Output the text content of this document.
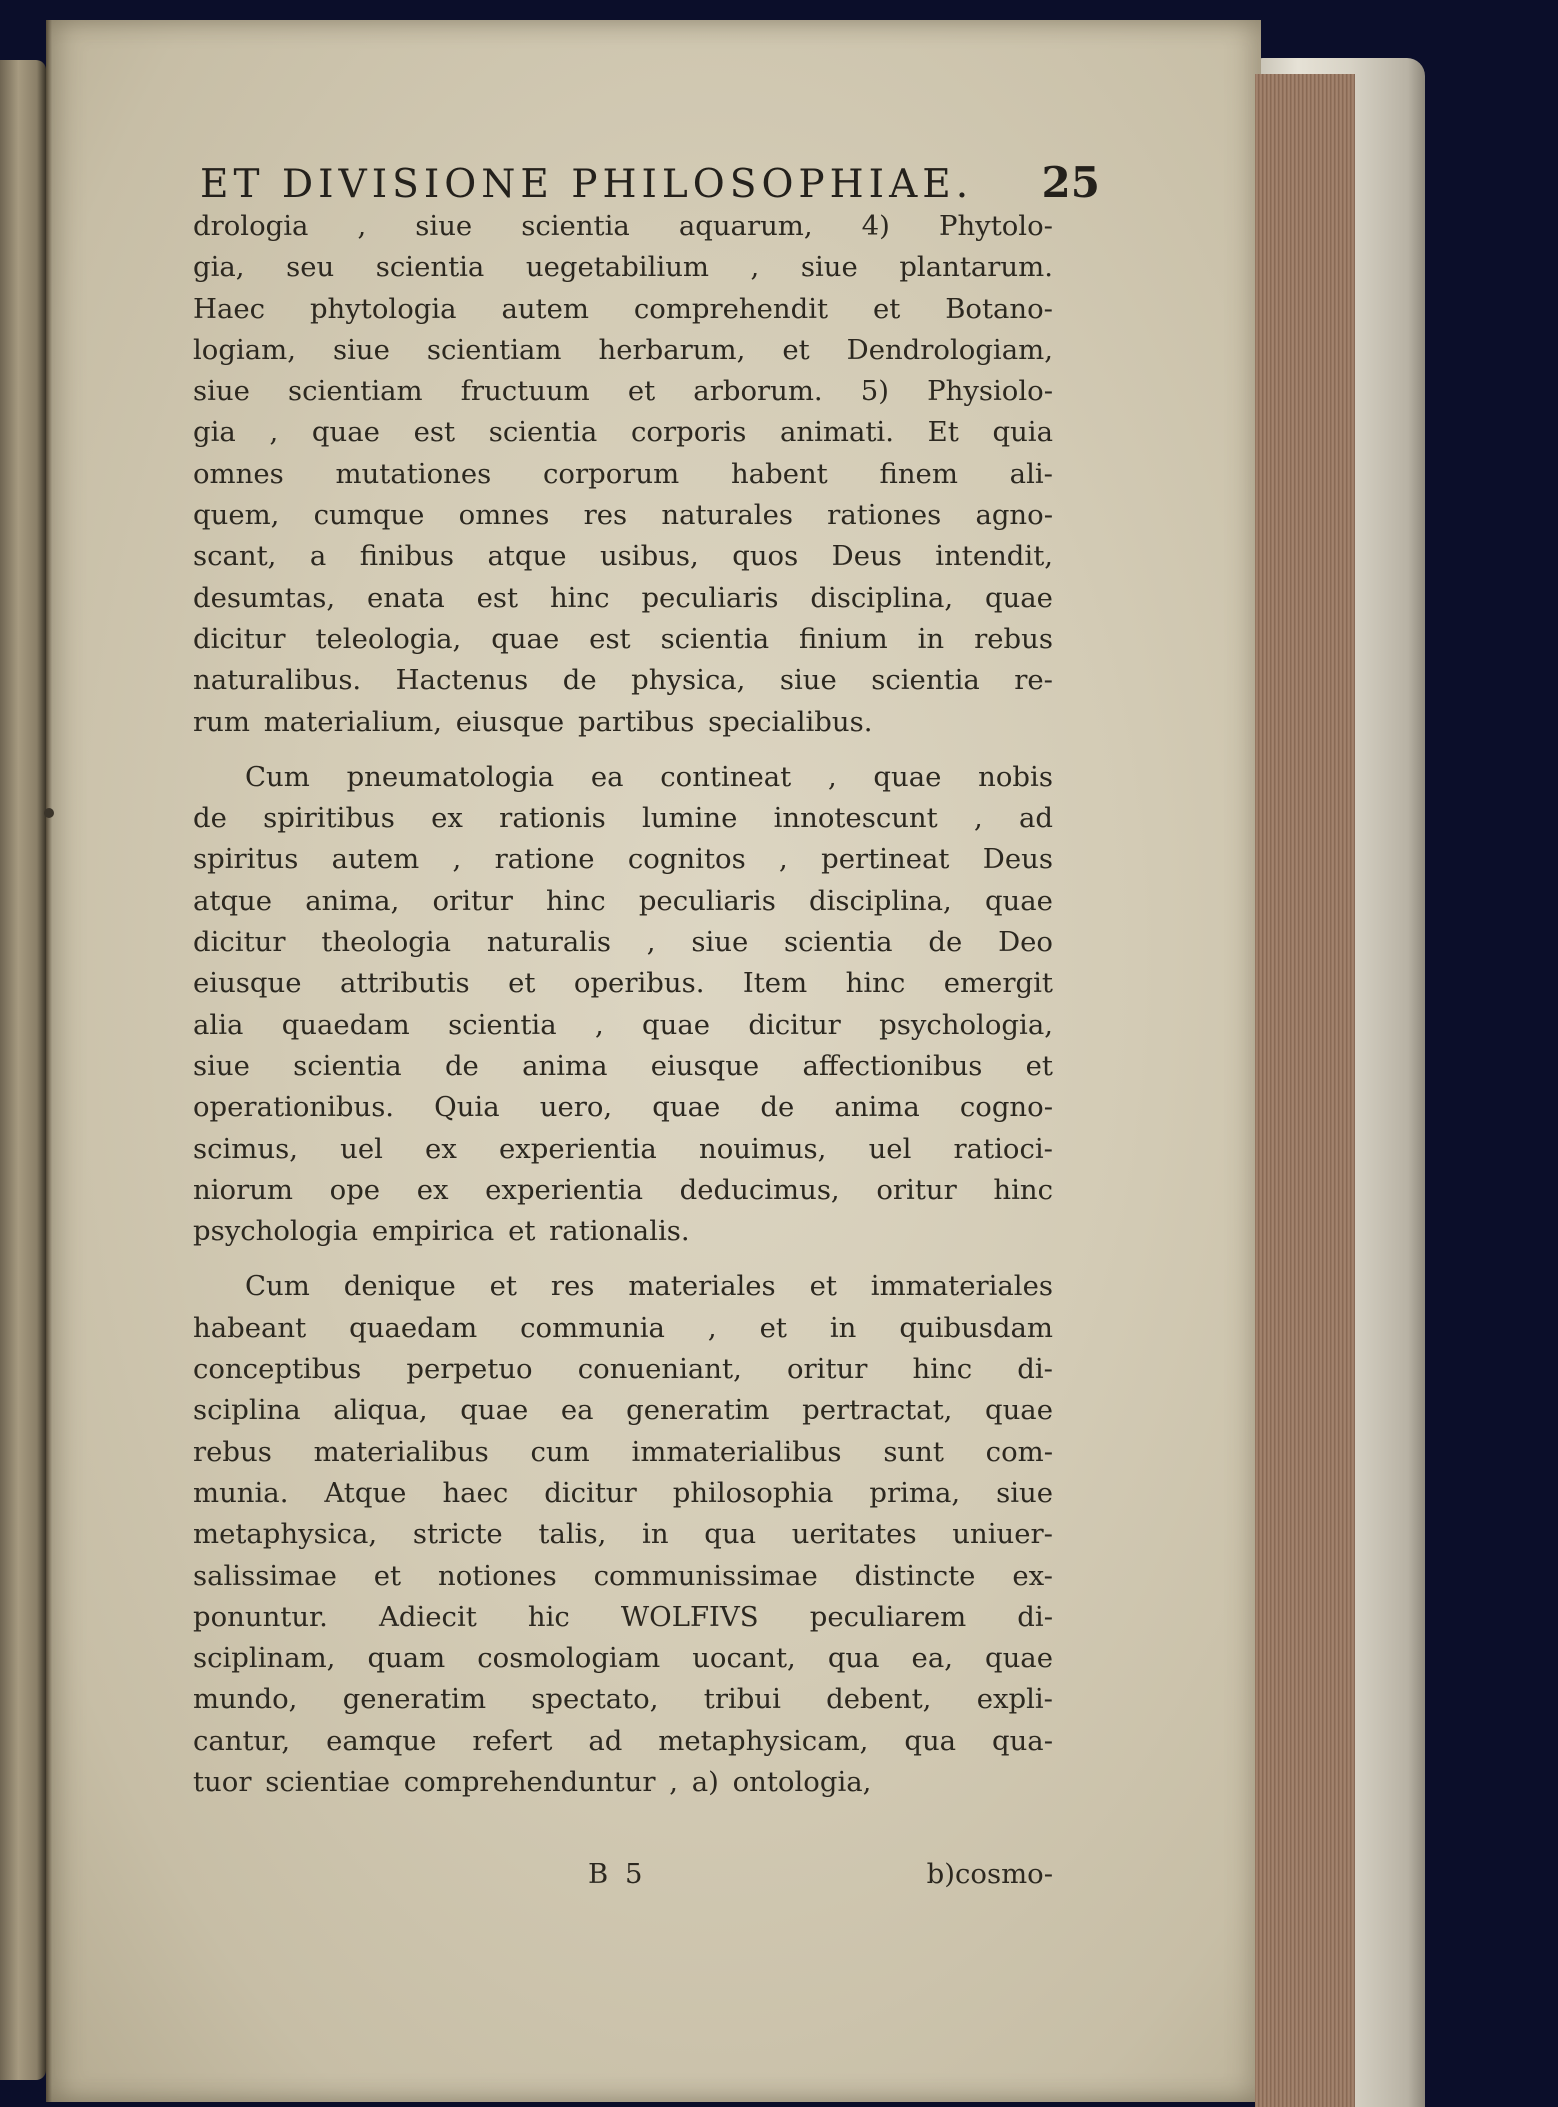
ET DIVISIONE PHILOSOPHIAE. 25
drologia , siue scientia aquarum, 4) Phytolo-
gia, seu scientia uegetabilium , siue plantarum.
Haec phytologia autem comprehendit et Botano-
logiam, siue scientiam herbarum, et Dendrologiam,
siue scientiam fructuum et arborum. 5) Physiolo-
gia , quae est scientia corporis animati. Et quia
omnes mutationes corporum habent finem ali-
quem, cumque omnes res naturales rationes agno-
scant, a finibus atque usibus, quos Deus intendit,
desumtas, enata est hinc peculiaris disciplina, quae
dicitur teleologia, quae est scientia finium in rebus
naturalibus. Hactenus de physica, siue scientia re-
rum materialium, eiusque partibus specialibus.
Cum pneumatologia ea contineat , quae nobis
de spiritibus ex rationis lumine innotescunt , ad
spiritus autem , ratione cognitos , pertineat Deus
atque anima, oritur hinc peculiaris disciplina, quae
dicitur theologia naturalis , siue scientia de Deo
eiusque attributis et operibus. Item hinc emergit
alia quaedam scientia , quae dicitur psychologia,
siue scientia de anima eiusque affectionibus et
operationibus. Quia uero, quae de anima cogno-
scimus, uel ex experientia nouimus, uel ratioci-
niorum ope ex experientia deducimus, oritur hinc
psychologia empirica et rationalis.
Cum denique et res materiales et immateriales
habeant quaedam communia , et in quibusdam
conceptibus perpetuo conueniant, oritur hinc di-
sciplina aliqua, quae ea generatim pertractat, quae
rebus materialibus cum immaterialibus sunt com-
munia. Atque haec dicitur philosophia prima, siue
metaphysica, stricte talis, in qua ueritates uniuer-
salissimae et notiones communissimae distincte ex-
ponuntur. Adiecit hic WOLFIVS peculiarem di-
sciplinam, quam cosmologiam uocant, qua ea, quae
mundo, generatim spectato, tribui debent, expli-
cantur, eamque refert ad metaphysicam, qua qua-
tuor scientiae comprehenduntur , a) ontologia,
B 5	b)cosmo-
